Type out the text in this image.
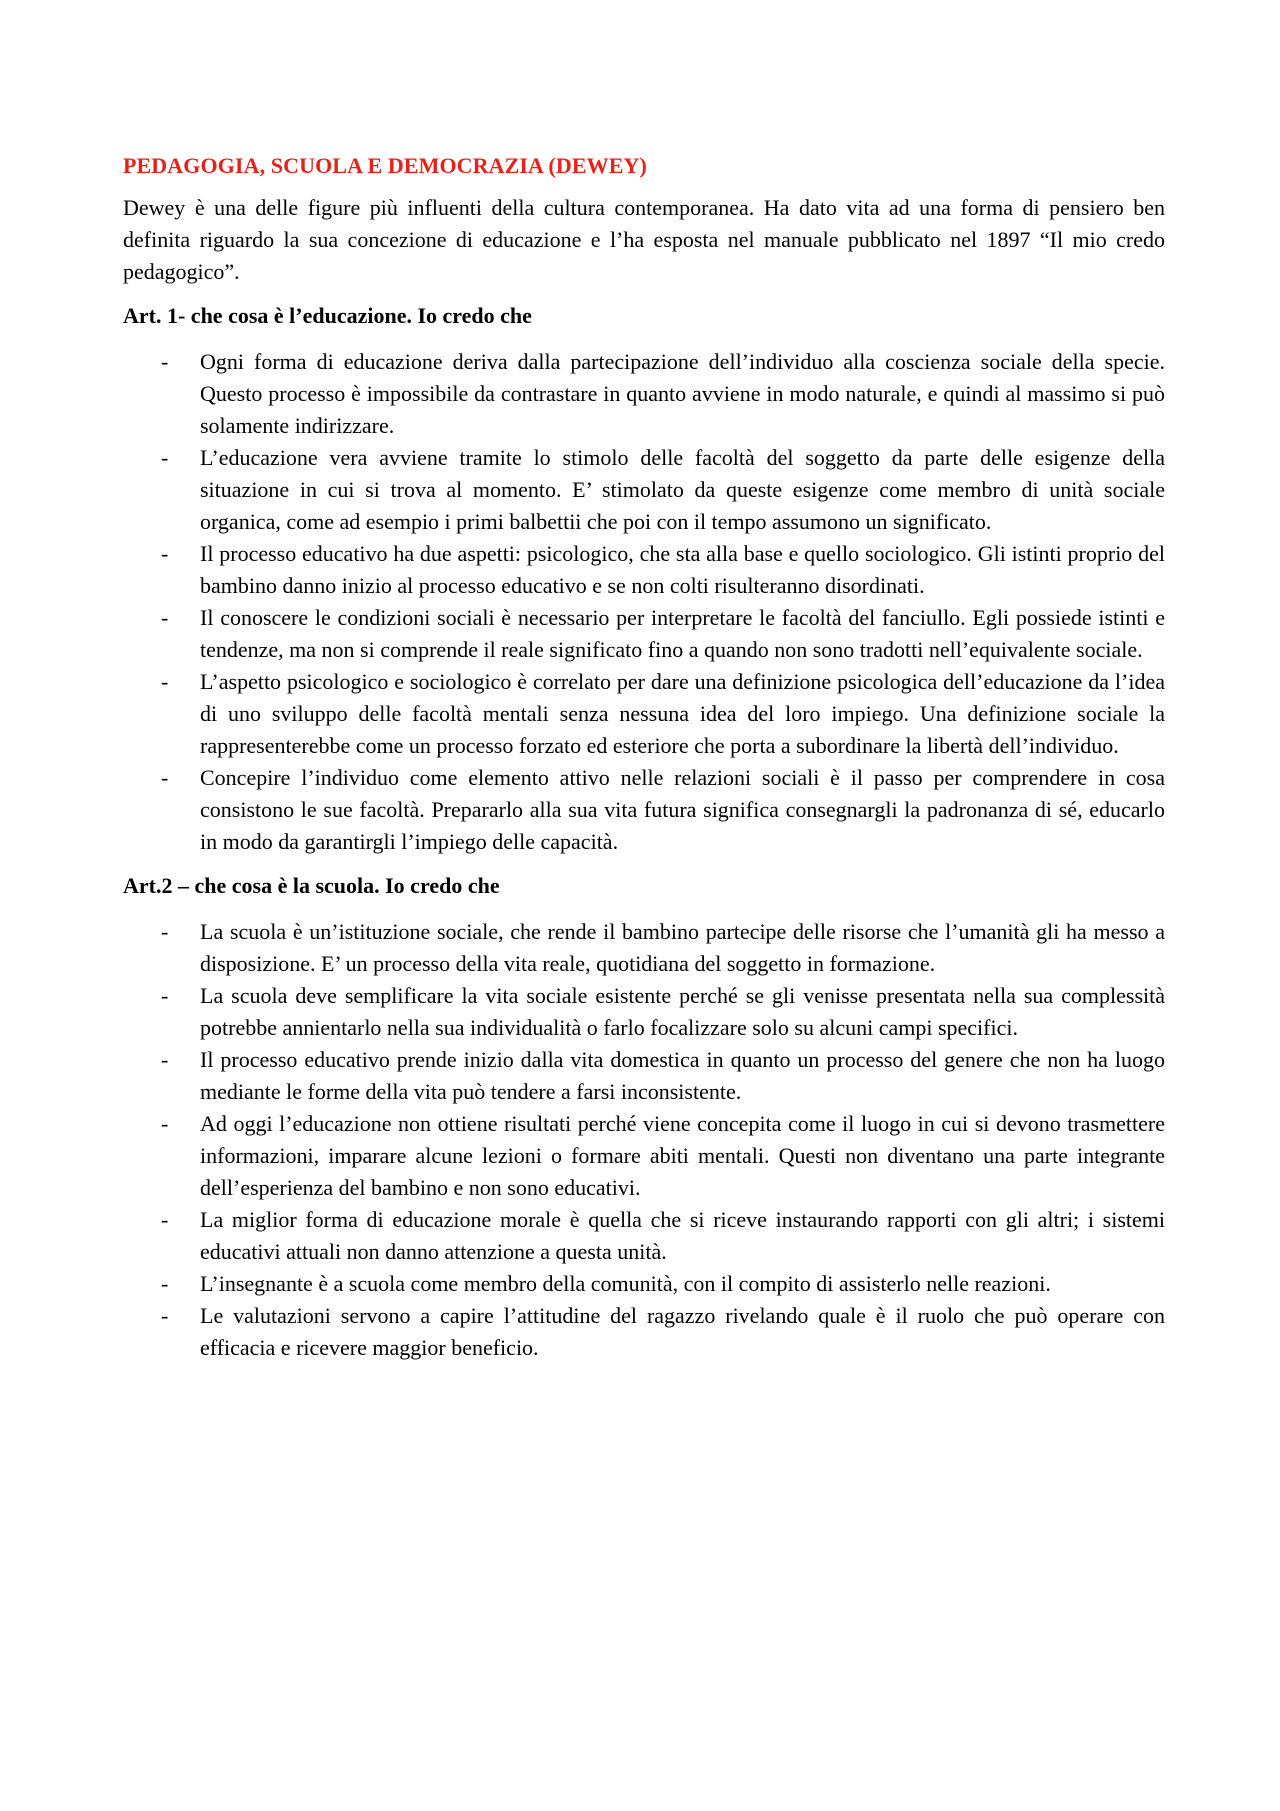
PEDAGOGIA, SCUOLA E DEMOCRAZIA (DEWEY)

Dewey è una delle figure più influenti della cultura contemporanea. Ha dato vita ad una forma di pensiero ben definita riguardo la sua concezione di educazione e l’ha esposta nel manuale pubblicato nel 1897 “Il mio credo pedagogico”.

Art. 1- che cosa è l’educazione. Io credo che
- Ogni forma di educazione deriva dalla partecipazione dell’individuo alla coscienza sociale della specie. Questo processo è impossibile da contrastare in quanto avviene in modo naturale, e quindi al massimo si può solamente indirizzare.
- L’educazione vera avviene tramite lo stimolo delle facoltà del soggetto da parte delle esigenze della situazione in cui si trova al momento. E’ stimolato da queste esigenze come membro di unità sociale organica, come ad esempio i primi balbettii che poi con il tempo assumono un significato.
- Il processo educativo ha due aspetti: psicologico, che sta alla base e quello sociologico. Gli istinti proprio del bambino danno inizio al processo educativo e se non colti risulteranno disordinati.
- Il conoscere le condizioni sociali è necessario per interpretare le facoltà del fanciullo. Egli possiede istinti e tendenze, ma non si comprende il reale significato fino a quando non sono tradotti nell’equivalente sociale.
- L’aspetto psicologico e sociologico è correlato per dare una definizione psicologica dell’educazione da l’idea di uno sviluppo delle facoltà mentali senza nessuna idea del loro impiego. Una definizione sociale la rappresenterebbe come un processo forzato ed esteriore che porta a subordinare la libertà dell’individuo.
- Concepire l’individuo come elemento attivo nelle relazioni sociali è il passo per comprendere in cosa consistono le sue facoltà. Prepararlo alla sua vita futura significa consegnargli la padronanza di sé, educarlo in modo da garantirgli l’impiego delle capacità.
Art.2 – che cosa è la scuola. Io credo che
- La scuola è un’istituzione sociale, che rende il bambino partecipe delle risorse che l’umanità gli ha messo a disposizione. E’ un processo della vita reale, quotidiana del soggetto in formazione.
- La scuola deve semplificare la vita sociale esistente perché se gli venisse presentata nella sua complessità potrebbe annientarlo nella sua individualità o farlo focalizzare solo su alcuni campi specifici.
- Il processo educativo prende inizio dalla vita domestica in quanto un processo del genere che non ha luogo mediante le forme della vita può tendere a farsi inconsistente.
- Ad oggi l’educazione non ottiene risultati perché viene concepita come il luogo in cui si devono trasmettere informazioni, imparare alcune lezioni o formare abiti mentali. Questi non diventano una parte integrante dell’esperienza del bambino e non sono educativi.
- La miglior forma di educazione morale è quella che si riceve instaurando rapporti con gli altri; i sistemi educativi attuali non danno attenzione a questa unità.
- L’insegnante è a scuola come membro della comunità, con il compito di assisterlo nelle reazioni.
- Le valutazioni servono a capire l’attitudine del ragazzo rivelando quale è il ruolo che può operare con efficacia e ricevere maggior beneficio.
